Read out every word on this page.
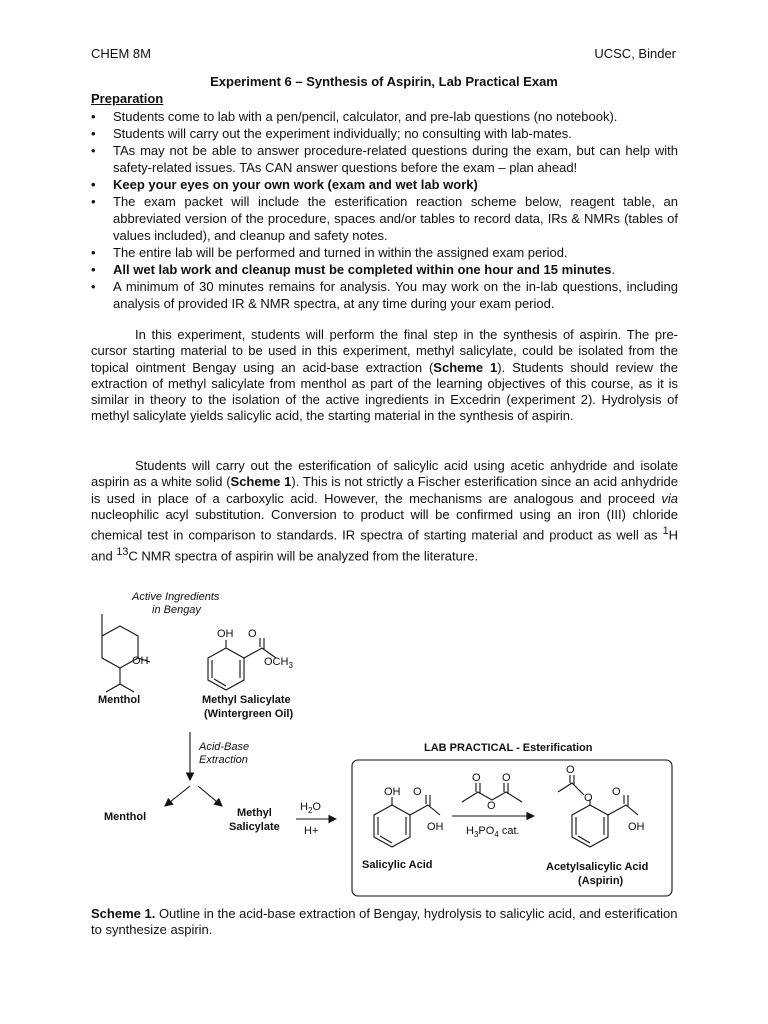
CHEM 8M	UCSC, Binder
Experiment 6 – Synthesis of Aspirin, Lab Practical Exam
Preparation
• Students come to lab with a pen/pencil, calculator, and pre-lab questions (no notebook).
• Students will carry out the experiment individually; no consulting with lab-mates.
• TAs may not be able to answer procedure-related questions during the exam, but can help with safety-related issues. TAs CAN answer questions before the exam – plan ahead!
• Keep your eyes on your own work (exam and wet lab work)
• The exam packet will include the esterification reaction scheme below, reagent table, an abbreviated version of the procedure, spaces and/or tables to record data, IRs & NMRs (tables of values included), and cleanup and safety notes.
• The entire lab will be performed and turned in within the assigned exam period.
• All wet lab work and cleanup must be completed within one hour and 15 minutes.
• A minimum of 30 minutes remains for analysis. You may work on the in-lab questions, including analysis of provided IR & NMR spectra, at any time during your exam period.

In this experiment, students will perform the final step in the synthesis of aspirin. The pre-cursor starting material to be used in this experiment, methyl salicylate, could be isolated from the topical ointment Bengay using an acid-base extraction (Scheme 1). Students should review the extraction of methyl salicylate from menthol as part of the learning objectives of this course, as it is similar in theory to the isolation of the active ingredients in Excedrin (experiment 2). Hydrolysis of methyl salicylate yields salicylic acid, the starting material in the synthesis of aspirin.

Students will carry out the esterification of salicylic acid using acetic anhydride and isolate aspirin as a white solid (Scheme 1). This is not strictly a Fischer esterification since an acid anhydride is used in place of a carboxylic acid. However, the mechanisms are analogous and proceed via nucleophilic acyl substitution. Conversion to product will be confirmed using an iron (III) chloride chemical test in comparison to standards. IR spectra of starting material and product as well as $^1$H and $^{13}$C NMR spectra of aspirin will be analyzed from the literature.

Active Ingredients
in Bengay
OH
OH O
$OCH_3$
Menthol	Methyl Salicylate
(Wintergreen Oil)
Acid-Base
Extraction
Menthol	Methyl
Salicylate
$H_2O$
H+
LAB PRACTICAL - Esterification
OH O
OH
O
O
O
$H_3PO_4$ cat.
O
O O
OH
Salicylic Acid	Acetylsalicylic Acid
(Aspirin)

Scheme 1. Outline in the acid-base extraction of Bengay, hydrolysis to salicylic acid, and esterification to synthesize aspirin.
